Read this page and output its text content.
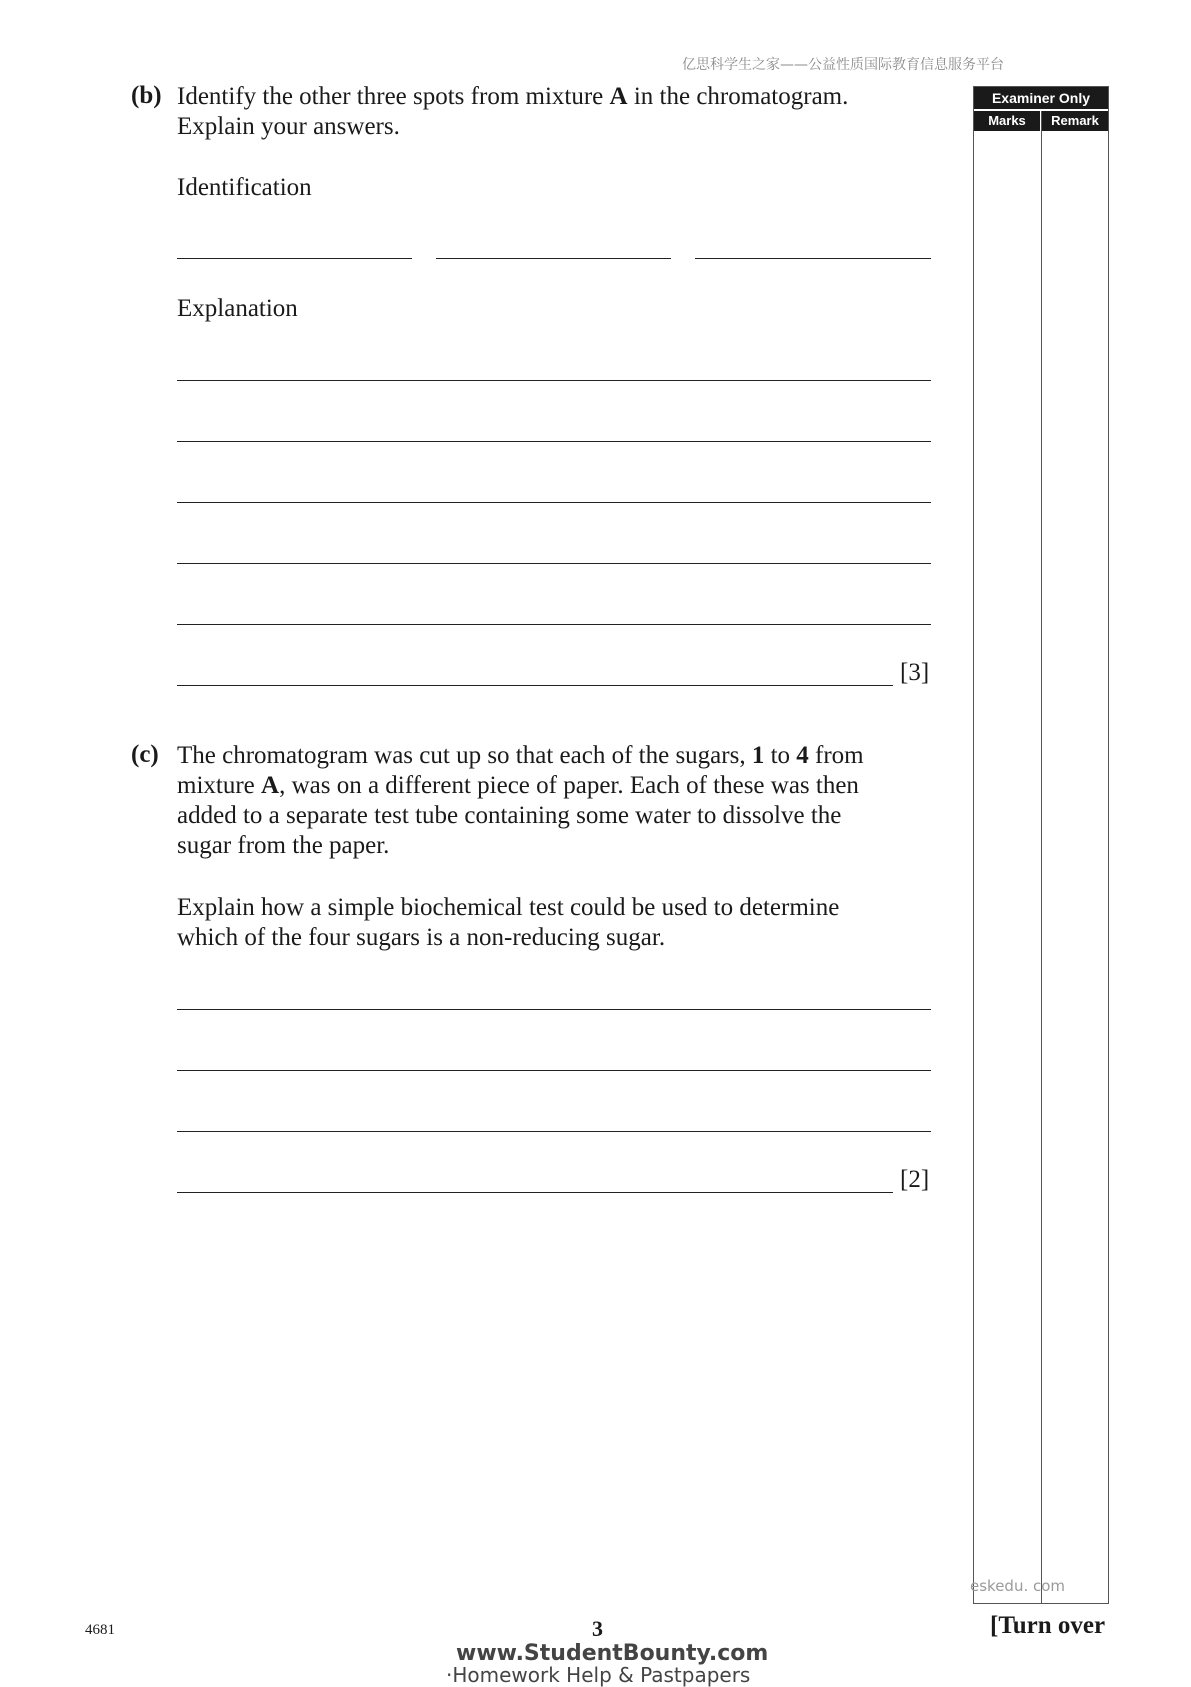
亿思科学生之家——公益性质国际教育信息服务平台
Examiner Only
Marks	Remark
(b) Identify the other three spots from mixture A in the chromatogram.
Explain your answers.
Identification
Explanation
[3]
(c) The chromatogram was cut up so that each of the sugars, 1 to 4 from
mixture A, was on a different piece of paper. Each of these was then
added to a separate test tube containing some water to dissolve the
sugar from the paper.
Explain how a simple biochemical test could be used to determine
which of the four sugars is a non-reducing sugar.
[2]
eskedu. com
4681	3	[Turn over
www.StudentBounty.com
·Homework Help & Pastpapers
